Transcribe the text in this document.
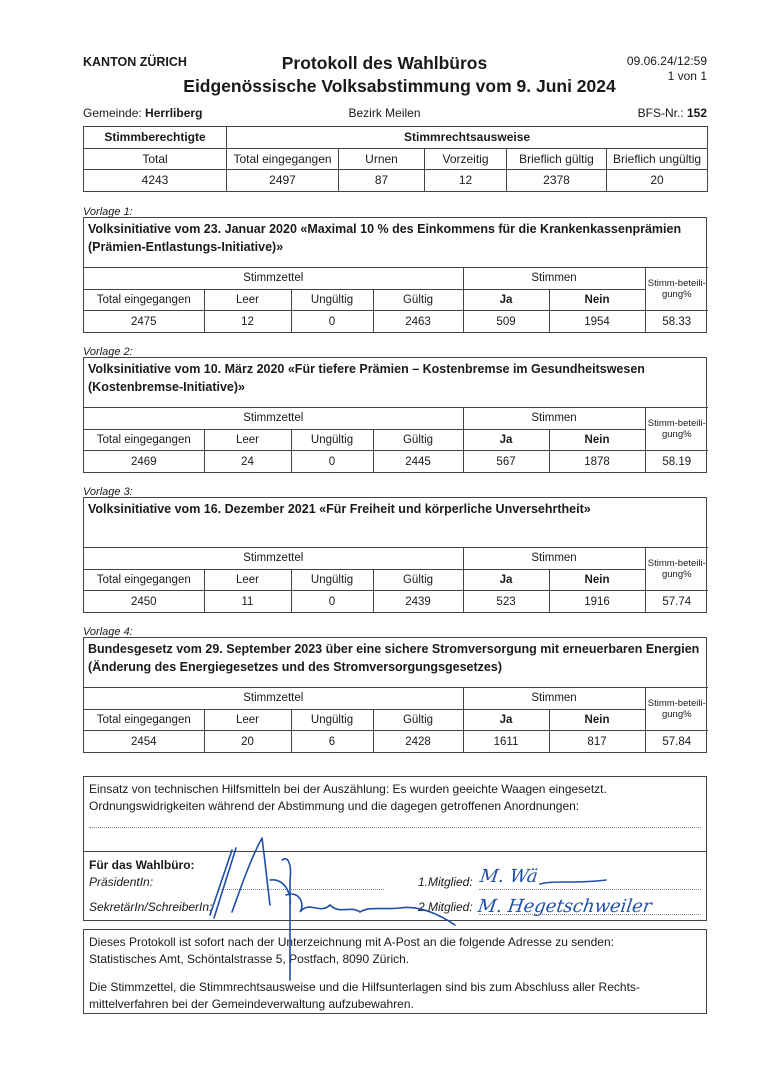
KANTON ZÜRICH	Protokoll des Wahlbüros
Eidgenössische Volksabstimmung vom 9. Juni 2024
09.06.24/12:59
1 von 1
Gemeinde: Herrliberg	Bezirk Meilen	BFS-Nr.: 152
Stimmberechtigte	Stimmrechtsausweise				
Total	Total eingegangen	Urnen	Vorzeitig	Brieflich gültig	Brieflich ungültig
4243	2497	87	12	2378	20
Vorlage 1:
Volksinitiative vom 23. Januar 2020 «Maximal 10 % des Einkommens für die Krankenkassenprämien (Prämien-Entlastungs-Initiative)»
Stimmzettel				Stimmen		Stimm-beteili-gung%
Total eingegangen	Leer	Ungültig	Gültig	Ja	Nein	
2475	12	0	2463	509	1954	58.33
Vorlage 2:
Volksinitiative vom 10. März 2020 «Für tiefere Prämien – Kostenbremse im Gesundheitswesen (Kostenbremse-Initiative)»
Stimmzettel				Stimmen		Stimm-beteili-gung%
Total eingegangen	Leer	Ungültig	Gültig	Ja	Nein	
2469	24	0	2445	567	1878	58.19
Vorlage 3:
Volksinitiative vom 16. Dezember 2021 «Für Freiheit und körperliche Unversehrtheit»
Stimmzettel				Stimmen		Stimm-beteili-gung%
Total eingegangen	Leer	Ungültig	Gültig	Ja	Nein	
2450	11	0	2439	523	1916	57.74
Vorlage 4:
Bundesgesetz vom 29. September 2023 über eine sichere Stromversorgung mit erneuerbaren Energien (Änderung des Energiegesetzes und des Stromversorgungsgesetzes)
Stimmzettel				Stimmen		Stimm-beteili-gung%
Total eingegangen	Leer	Ungültig	Gültig	Ja	Nein	
2454	20	6	2428	1611	817	57.84
Einsatz von technischen Hilfsmitteln bei der Auszählung: Es wurden geeichte Waagen eingesetzt.
Ordnungswidrigkeiten während der Abstimmung und die dagegen getroffenen Anordnungen:
Für das Wahlbüro:
PräsidentIn:	1.Mitglied:
SekretärIn/SchreiberIn:	2.Mitglied:
Dieses Protokoll ist sofort nach der Unterzeichnung mit A-Post an die folgende Adresse zu senden:
Statistisches Amt, Schöntalstrasse 5, Postfach, 8090 Zürich.
Die Stimmzettel, die Stimmrechtsausweise und die Hilfsunterlagen sind bis zum Abschluss aller Rechts-
mittelverfahren bei der Gemeindeverwaltung aufzubewahren.
M. Wä
M. Hegetschweiler
